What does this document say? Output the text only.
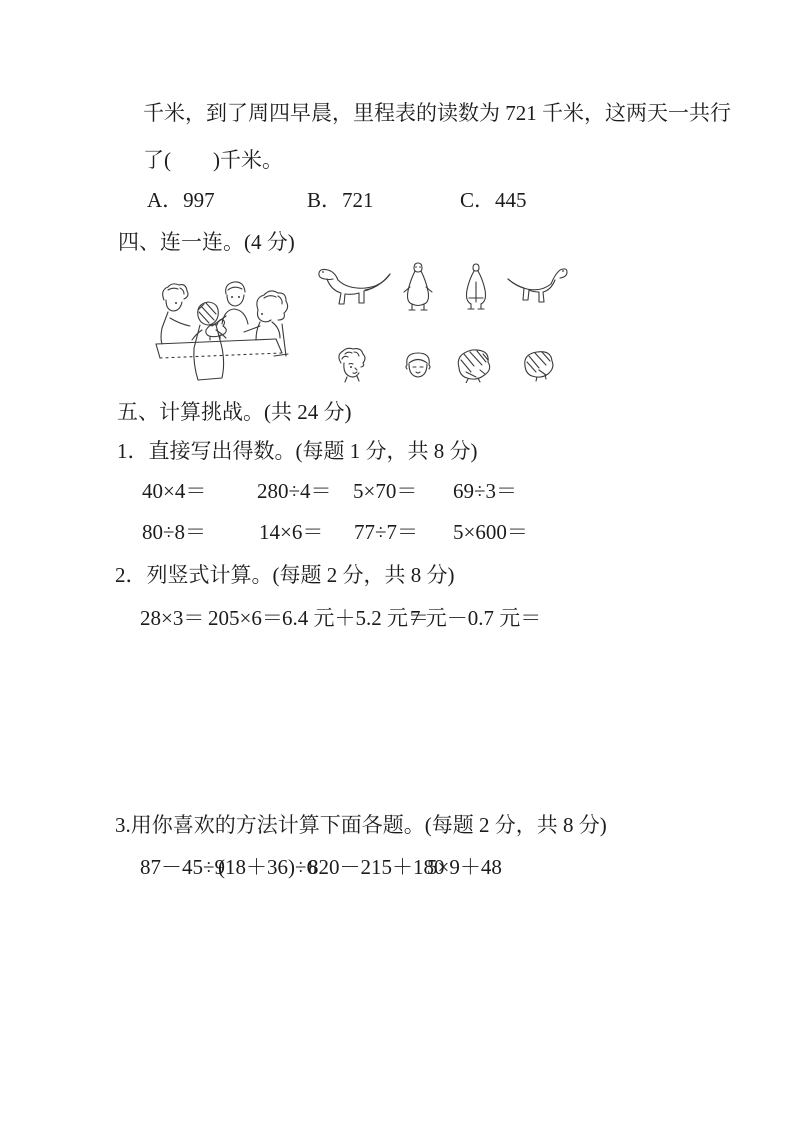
千米，到了周四早晨，里程表的读数为 721 千米，这两天一共行
了(　　)千米。
A．997	B．721	C．445
四、连一连。(4 分)
五、计算挑战。(共 24 分)
1．直接写出得数。(每题 1 分，共 8 分)
40×4＝ 280÷4＝ 5×70＝ 69÷3＝
80÷8＝	14×6＝ 77÷7＝ 5×600＝
2．列竖式计算。(每题 2 分，共 8 分)
28×3＝ 205×6＝ 6.4 元＋5.2 元＝
7 元－0.7 元＝
3.用你喜欢的方法计算下面各题。(每题 2 分，共 8 分)
87－45÷9
(18＋36)÷6
820－215＋180
5×9＋48
